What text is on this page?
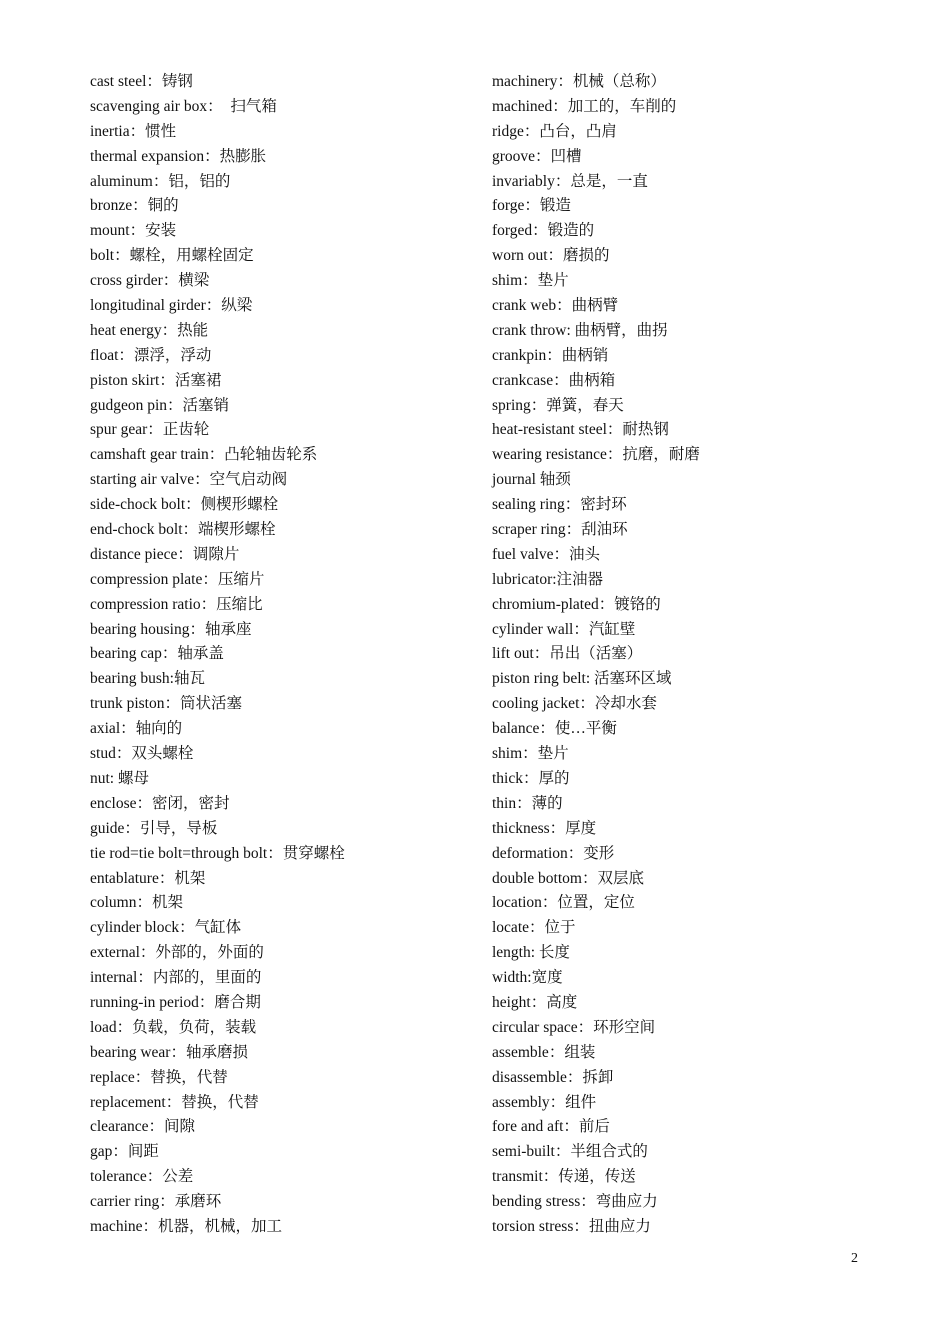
cast steel：铸钢
scavenging air box：　扫气箱
inertia：惯性
thermal expansion：热膨胀
aluminum：铝，铝的
bronze：铜的
mount：安装
bolt：螺栓，用螺栓固定
cross girder：横梁
longitudinal girder：纵梁
heat energy：热能
float：漂浮，浮动
piston skirt：活塞裙
gudgeon pin：活塞销
spur gear：正齿轮
camshaft gear train：凸轮轴齿轮系
starting air valve：空气启动阀
side-chock bolt：侧楔形螺栓
end-chock bolt：端楔形螺栓
distance piece：调隙片
compression plate：压缩片
compression ratio：压缩比
bearing housing：轴承座
bearing cap：轴承盖
bearing bush:轴瓦
trunk piston：筒状活塞
axial：轴向的
stud：双头螺栓
nut: 螺母
enclose：密闭，密封
guide：引导，导板
tie rod=tie bolt=through bolt：贯穿螺栓
entablature：机架
column：机架
cylinder block：气缸体
external：外部的，外面的
internal：内部的，里面的
running-in period：磨合期
load：负载，负荷，装载
bearing wear：轴承磨损
replace：替换，代替
replacement：替换，代替
clearance：间隙
gap：间距
tolerance：公差
carrier ring：承磨环
machine：机器，机械，加工
machinery：机械（总称）
machined：加工的，车削的
ridge：凸台，凸肩
groove：凹槽
invariably：总是，一直
forge：锻造
forged：锻造的
worn out：磨损的
shim：垫片
crank web：曲柄臂
crank throw: 曲柄臂，曲拐
crankpin：曲柄销
crankcase：曲柄箱
spring：弹簧，春天
heat-resistant steel：耐热钢
wearing resistance：抗磨，耐磨
journal 轴颈
sealing ring：密封环
scraper ring：刮油环
fuel valve：油头
lubricator:注油器
chromium-plated：镀铬的
cylinder wall：汽缸壁
lift out：吊出（活塞）
piston ring belt: 活塞环区域
cooling jacket：冷却水套
balance：使…平衡
shim：垫片
thick：厚的
thin：薄的
thickness：厚度
deformation：变形
double bottom：双层底
location：位置，定位
locate：位于
length: 长度
width:宽度
height：高度
circular space：环形空间
assemble：组装
disassemble：拆卸
assembly：组件
fore and aft：前后
semi-built：半组合式的
transmit：传递，传送
bending stress：弯曲应力
torsion stress：扭曲应力
2
